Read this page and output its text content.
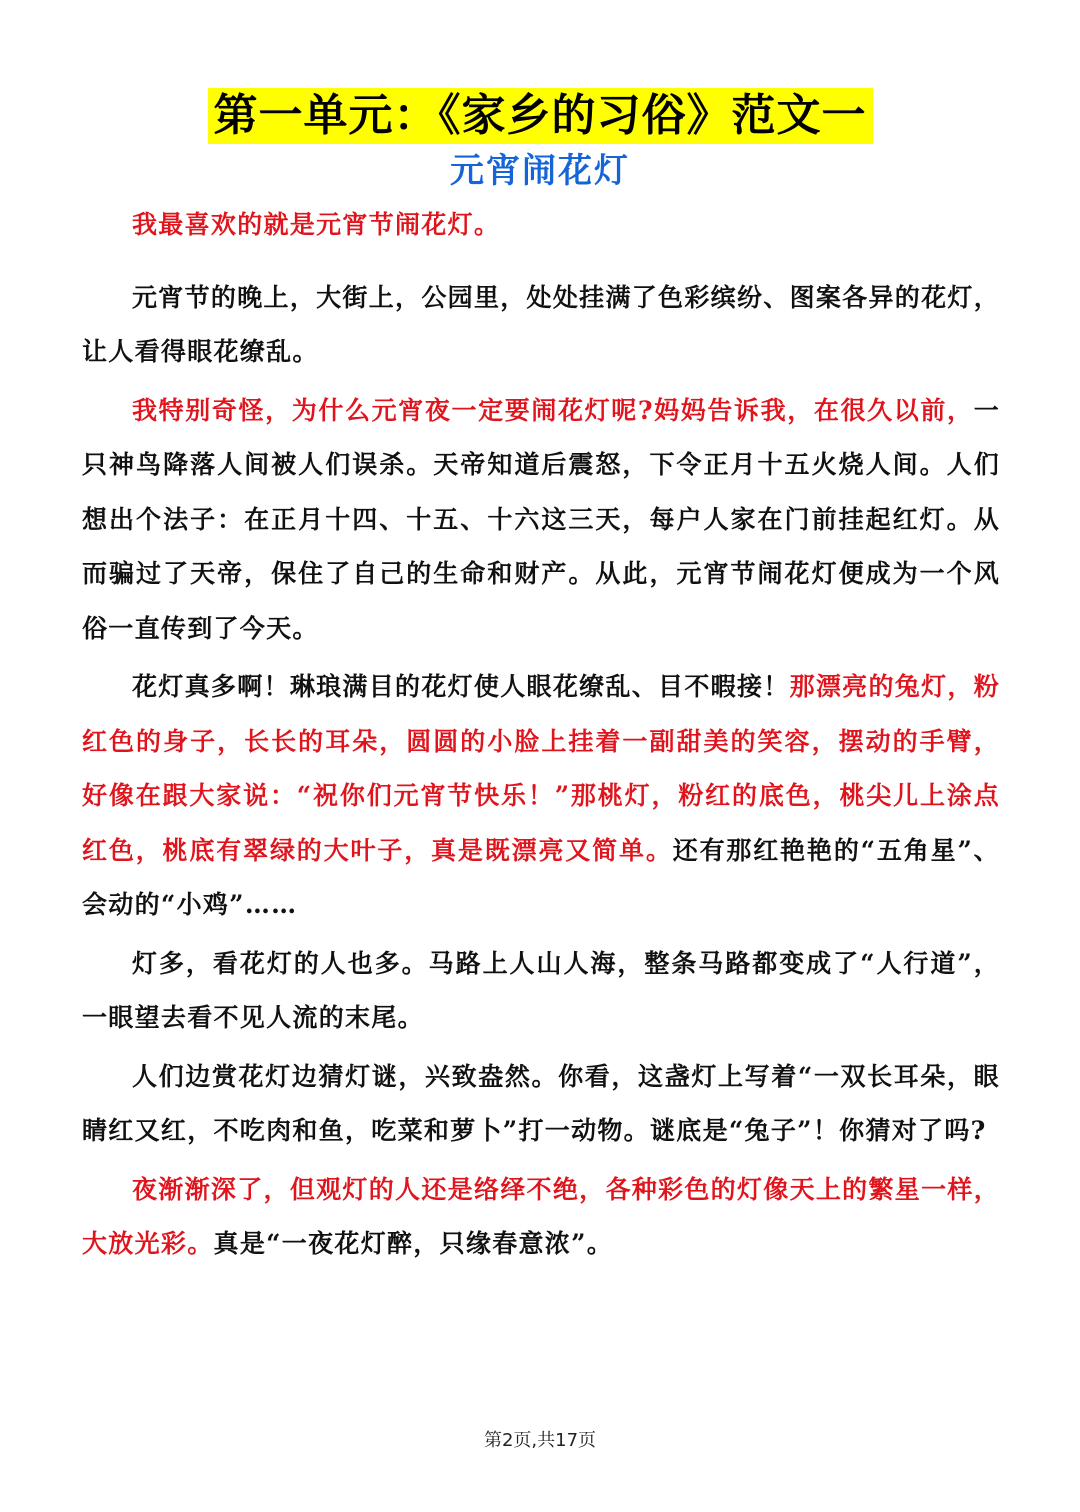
第一单元：《家乡的习俗》范文一
元宵闹花灯

我最喜欢的就是元宵节闹花灯。

元宵节的晚上，大街上，公园里，处处挂满了色彩缤纷、图案各异的花灯，让人看得眼花缭乱。

我特别奇怪，为什么元宵夜一定要闹花灯呢?妈妈告诉我，在很久以前，一只神鸟降落人间被人们误杀。天帝知道后震怒，下令正月十五火烧人间。人们想出个法子：在正月十四、十五、十六这三天，每户人家在门前挂起红灯。从而骗过了天帝，保住了自己的生命和财产。从此，元宵节闹花灯便成为一个风俗一直传到了今天。

花灯真多啊！琳琅满目的花灯使人眼花缭乱、目不暇接！那漂亮的兔灯，粉红色的身子，长长的耳朵，圆圆的小脸上挂着一副甜美的笑容，摆动的手臂，好像在跟大家说：“祝你们元宵节快乐！”那桃灯，粉红的底色，桃尖儿上涂点红色，桃底有翠绿的大叶子，真是既漂亮又简单。还有那红艳艳的“五角星”、会动的“小鸡”……

灯多，看花灯的人也多。马路上人山人海，整条马路都变成了“人行道”，一眼望去看不见人流的末尾。

人们边赏花灯边猜灯谜，兴致盎然。你看，这盏灯上写着“一双长耳朵，眼睛红又红，不吃肉和鱼，吃菜和萝卜”打一动物。谜底是“兔子”！你猜对了吗?

夜渐渐深了，但观灯的人还是络绎不绝，各种彩色的灯像天上的繁星一样，大放光彩。真是“一夜花灯醉，只缘春意浓”。

第2页,共17页
